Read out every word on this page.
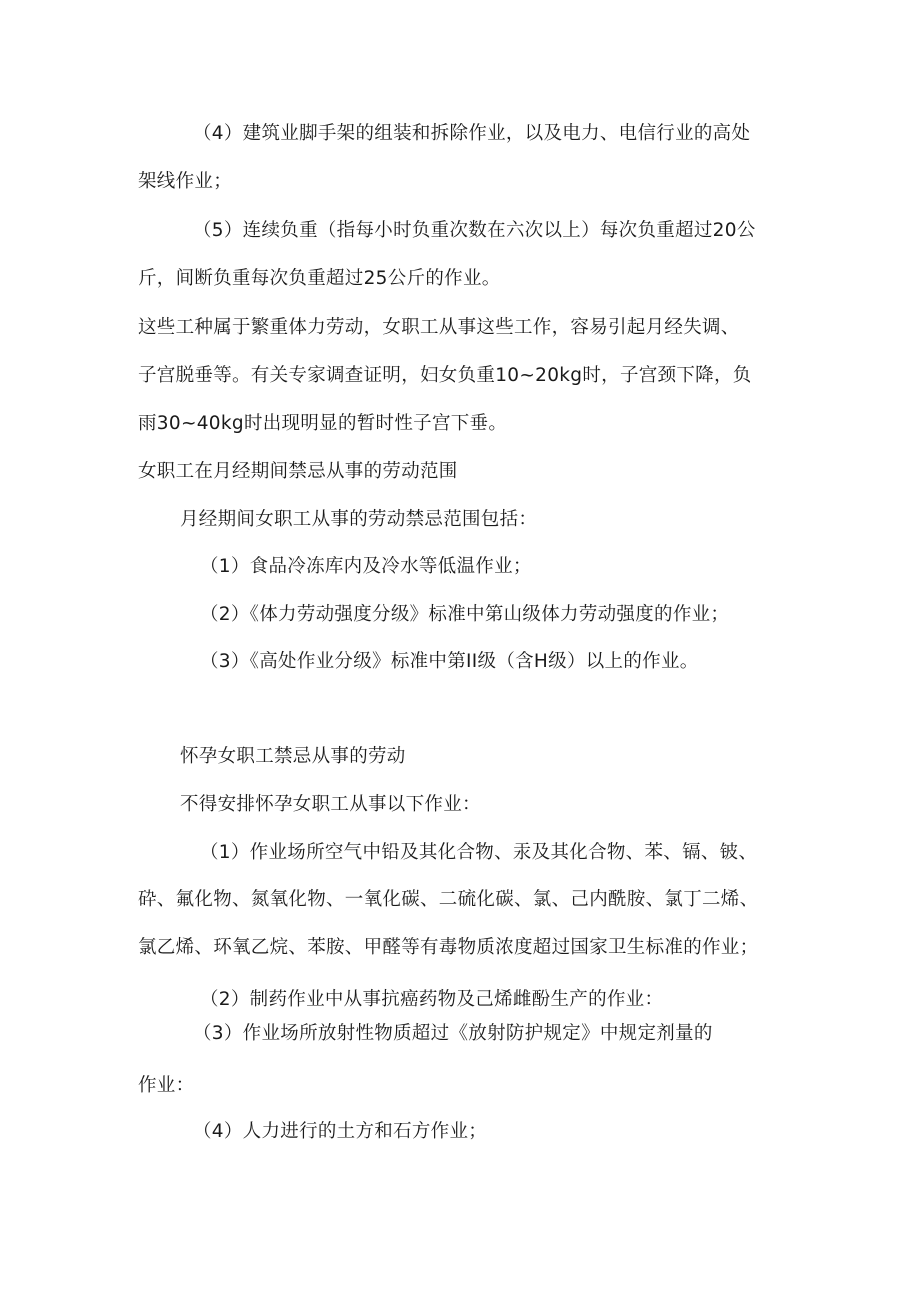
（4）建筑业脚手架的组装和拆除作业，以及电力、电信行业的高处
架线作业；
（5）连续负重（指每小时负重次数在六次以上）每次负重超过20公
斤，间断负重每次负重超过25公斤的作业。
这些工种属于繁重体力劳动，女职工从事这些工作，容易引起月经失调、
子宫脱垂等。有关专家调查证明，妇女负重10~20kg时，子宫颈下降，负
雨30~40kg时出现明显的暂时性子宫下垂。
女职工在月经期间禁忌从事的劳动范围
月经期间女职工从事的劳动禁忌范围包括：
（1）食品冷冻库内及冷水等低温作业；
（2）《体力劳动强度分级》标准中第山级体力劳动强度的作业；
（3）《高处作业分级》标准中第II级（含H级）以上的作业。
怀孕女职工禁忌从事的劳动
不得安排怀孕女职工从事以下作业：
（1）作业场所空气中铅及其化合物、汞及其化合物、苯、镉、铍、
砕、氟化物、氮氧化物、一氧化碳、二硫化碳、氯、己内酰胺、氯丁二烯、
氯乙烯、环氧乙烷、苯胺、甲醛等有毒物质浓度超过国家卫生标准的作业；
（2）制药作业中从事抗癌药物及己烯雌酚生产的作业：
（3）作业场所放射性物质超过《放射防护规定》中规定剂量的
作业：
（4）人力进行的土方和石方作业；
